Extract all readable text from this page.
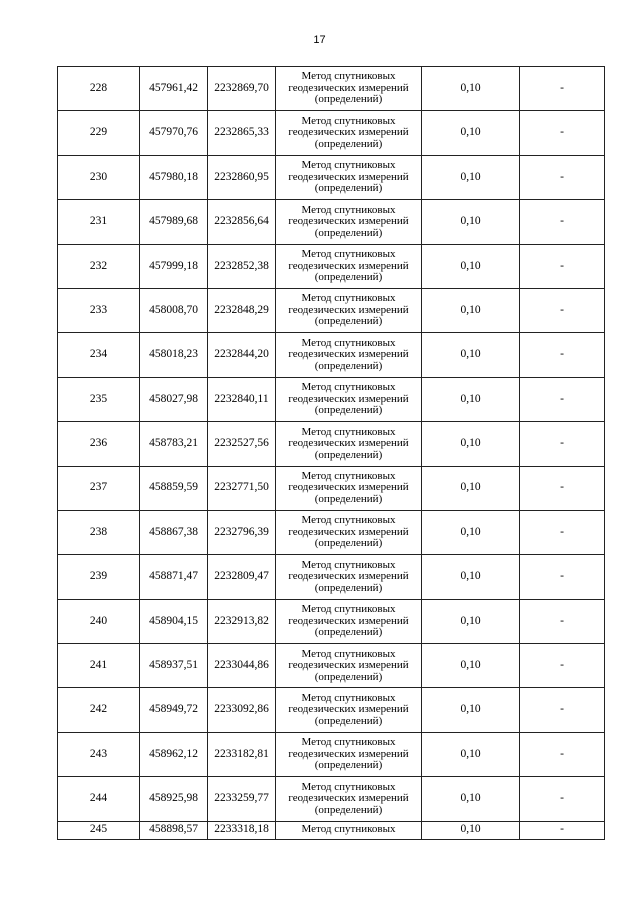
17
228	457961,42	2232869,70	Метод спутниковых геодезических измерений (определений)	0,10	-
229	457970,76	2232865,33	Метод спутниковых геодезических измерений (определений)	0,10	-
230	457980,18	2232860,95	Метод спутниковых геодезических измерений (определений)	0,10	-
231	457989,68	2232856,64	Метод спутниковых геодезических измерений (определений)	0,10	-
232	457999,18	2232852,38	Метод спутниковых геодезических измерений (определений)	0,10	-
233	458008,70	2232848,29	Метод спутниковых геодезических измерений (определений)	0,10	-
234	458018,23	2232844,20	Метод спутниковых геодезических измерений (определений)	0,10	-
235	458027,98	2232840,11	Метод спутниковых геодезических измерений (определений)	0,10	-
236	458783,21	2232527,56	Метод спутниковых геодезических измерений (определений)	0,10	-
237	458859,59	2232771,50	Метод спутниковых геодезических измерений (определений)	0,10	-
238	458867,38	2232796,39	Метод спутниковых геодезических измерений (определений)	0,10	-
239	458871,47	2232809,47	Метод спутниковых геодезических измерений (определений)	0,10	-
240	458904,15	2232913,82	Метод спутниковых геодезических измерений (определений)	0,10	-
241	458937,51	2233044,86	Метод спутниковых геодезических измерений (определений)	0,10	-
242	458949,72	2233092,86	Метод спутниковых геодезических измерений (определений)	0,10	-
243	458962,12	2233182,81	Метод спутниковых геодезических измерений (определений)	0,10	-
244	458925,98	2233259,77	Метод спутниковых геодезических измерений (определений)	0,10	-
245	458898,57	2233318,18	Метод спутниковых	0,10	-
